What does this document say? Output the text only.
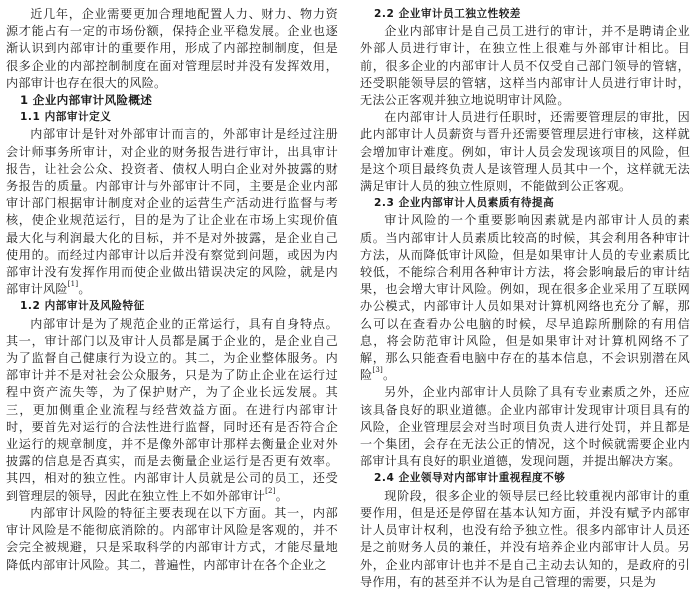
近几年，企业需要更加合理地配置人力、财力、物力资源才能占有一定的市场份额，保持企业平稳发展。企业也逐渐认识到内部审计的重要作用，形成了内部控制制度，但是很多企业的内部控制制度在面对管理层时并没有发挥效用，内部审计也存在很大的风险。

1 企业内部审计风险概述
1.1 内部审计定义

内部审计是针对外部审计而言的，外部审计是经过注册会计师事务所审计，对企业的财务报告进行审计，出具审计报告，让社会公众、投资者、债权人明白企业对外披露的财务报告的质量。内部审计与外部审计不同，主要是企业内部审计部门根据审计制度对企业的运营生产活动进行监督与考核，使企业规范运行，目的是为了让企业在市场上实现价值最大化与利润最大化的目标，并不是对外披露，是企业自己使用的。而经过内部审计以后并没有察觉到问题，或因为内部审计没有发挥作用而使企业做出错误决定的风险，就是内部审计风险[1]。

1.2 内部审计及风险特征

内部审计是为了规范企业的正常运行，具有自身特点。其一，审计部门以及审计人员都是属于企业的，是企业自己为了监督自己健康行为设立的。其二，为企业整体服务。内部审计并不是对社会公众服务，只是为了防止企业在运行过程中资产流失等，为了保护财产，为了企业长远发展。其三，更加侧重企业流程与经营效益方面。在进行内部审计时，要首先对运行的合法性进行监督，同时还有是否符合企业运行的规章制度，并不是像外部审计那样去衡量企业对外披露的信息是否真实，而是去衡量企业运行是否更有效率。其四，相对的独立性。内部审计人员就是公司的员工，还受到管理层的领导，因此在独立性上不如外部审计[2]。

内部审计风险的特征主要表现在以下方面。其一，内部审计风险是不能彻底消除的。内部审计风险是客观的，并不会完全被规避，只是采取科学的内部审计方式，才能尽量地降低内部审计风险。其二，普遍性，内部审计在各个企业之

2.2 企业审计员工独立性较差

企业内部审计是自己员工进行的审计，并不是聘请企业外部人员进行审计，在独立性上很难与外部审计相比。目前，很多企业的内部审计人员不仅受自己部门领导的管辖，还受职能领导层的管辖，这样当内部审计人员进行审计时，无法公正客观并独立地说明审计风险。

在内部审计人员进行任职时，还需要管理层的审批，因此内部审计人员薪资与晋升还需要管理层进行审核，这样就会增加审计难度。例如，审计人员会发现该项目的风险，但是这个项目最终负责人是该管理人员其中一个，这样就无法满足审计人员的独立性原则，不能做到公正客观。

2.3 企业内部审计人员素质有待提高

审计风险的一个重要影响因素就是内部审计人员的素质。当内部审计人员素质比较高的时候，其会利用各种审计方法，从而降低审计风险，但是如果审计人员的专业素质比较低，不能综合利用各种审计方法，将会影响最后的审计结果，也会增大审计风险。例如，现在很多企业采用了互联网办公模式，内部审计人员如果对计算机网络也充分了解，那么可以在查看办公电脑的时候，尽早追踪所删除的有用信息，将会防范审计风险，但是如果审计对计算机网络不了解，那么只能查看电脑中存在的基本信息，不会识别潜在风险[3]。

另外，企业内部审计人员除了具有专业素质之外，还应该具备良好的职业道德。企业内部审计发现审计项目具有的风险，企业管理层会对当时项目负责人进行处罚，并且都是一个集团，会存在无法公正的情况，这个时候就需要企业内部审计具有良好的职业道德，发现问题，并提出解决方案。

2.4 企业领导对内部审计重视程度不够

现阶段，很多企业的领导层已经比较重视内部审计的重要作用，但是还是停留在基本认知方面，并没有赋予内部审计人员审计权利，也没有给予独立性。很多内部审计人员还是之前财务人员的兼任，并没有培养企业内部审计人员。另外，企业内部审计也并不是自己主动去认知的，是政府的引导作用，有的甚至并不认为是自己管理的需要，只是为
